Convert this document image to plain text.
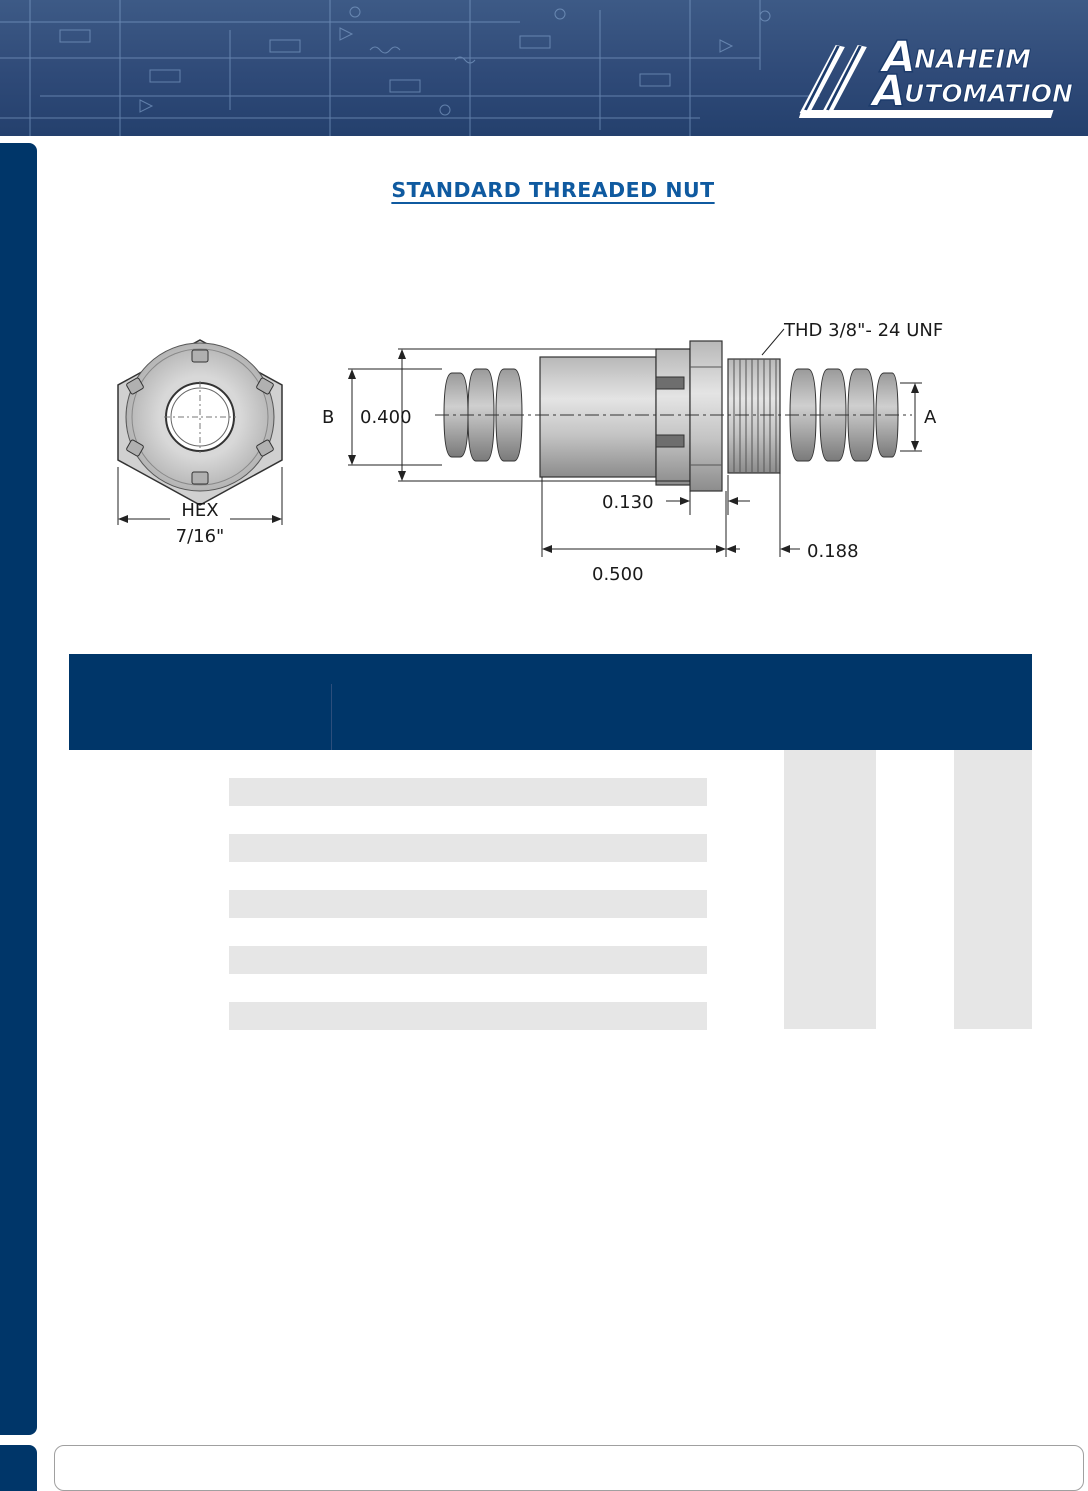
A
NAHEIM
A
UTOMATION
STANDARD THREADED NUT
HEX
7/16"
B 0.400	A
THD 3/8"- 24 UNF
0.130
0.500
0.188
